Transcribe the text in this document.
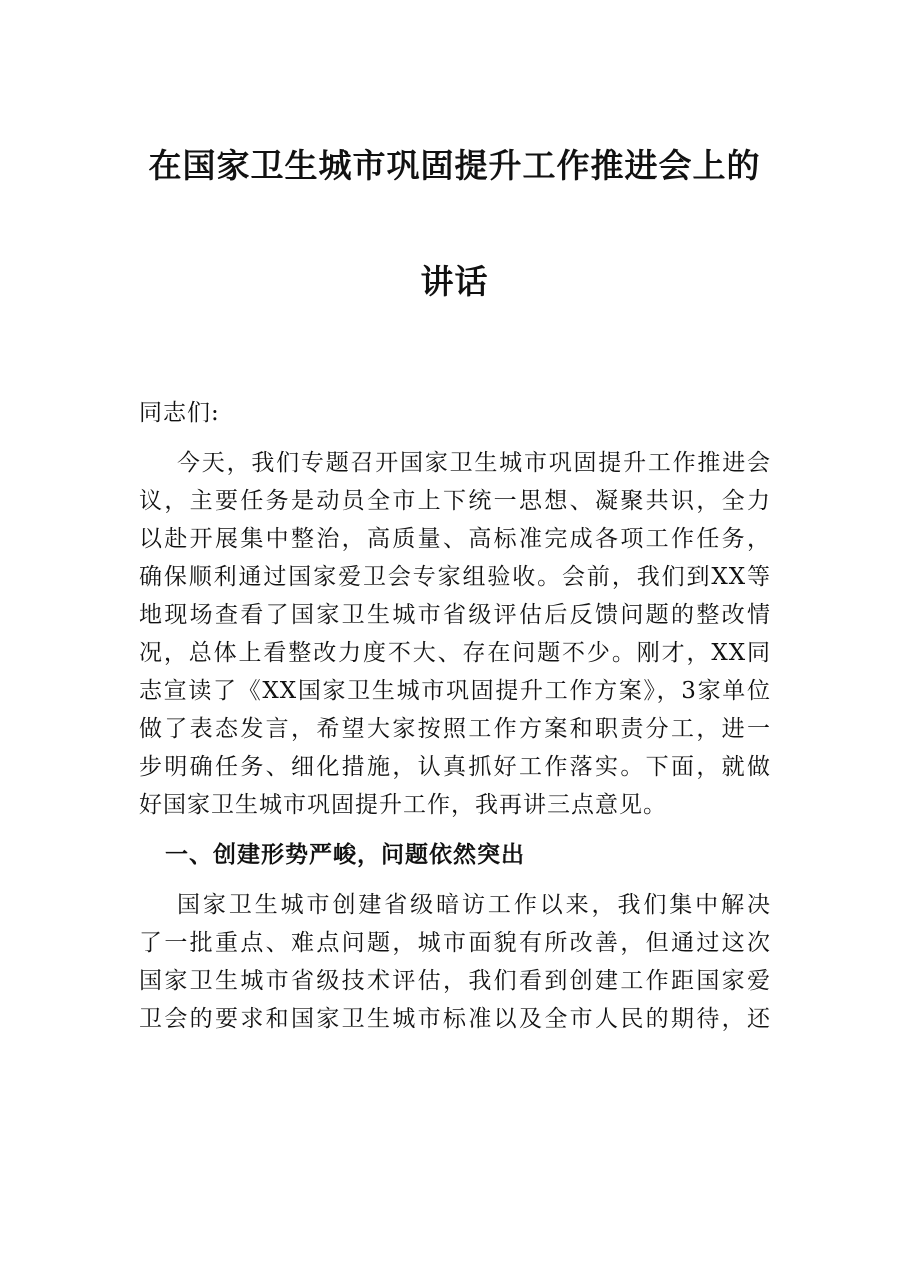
在国家卫生城市巩固提升工作推进会上的
讲话
同志们:
今天，我们专题召开国家卫生城市巩固提升工作推进会
议，主要任务是动员全市上下统一思想、凝聚共识，全力
以赴开展集中整治，高质量、高标准完成各项工作任务，
确保顺利通过国家爱卫会专家组验收。会前，我们到XX等
地现场查看了国家卫生城市省级评估后反馈问题的整改情
况，总体上看整改力度不大、存在问题不少。刚才，XX同
志宣读了《XX国家卫生城市巩固提升工作方案》，3家单位
做了表态发言，希望大家按照工作方案和职责分工，进一
步明确任务、细化措施，认真抓好工作落实。下面，就做
好国家卫生城市巩固提升工作，我再讲三点意见。
一、创建形势严峻，问题依然突出
国家卫生城市创建省级暗访工作以来，我们集中解决
了一批重点、难点问题，城市面貌有所改善，但通过这次
国家卫生城市省级技术评估，我们看到创建工作距国家爱
卫会的要求和国家卫生城市标准以及全市人民的期待，还
